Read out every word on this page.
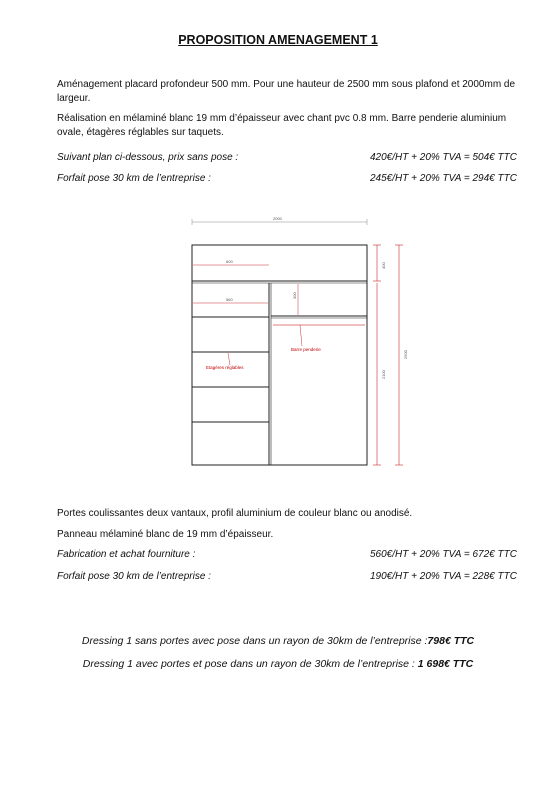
PROPOSITION AMENAGEMENT 1
Aménagement placard profondeur 500 mm. Pour une hauteur de 2500 mm sous plafond et 2000mm de largeur.
Réalisation en mélaminé blanc 19 mm d’épaisseur avec chant pvc 0.8 mm. Barre penderie aluminium ovale, étagères réglables sur taquets.
Suivant plan ci-dessous, prix sans pose :	420€/HT + 20% TVA = 504€ TTC
Forfait pose 30 km de l’entreprise :	245€/HT + 20% TVA = 294€ TTC
2000
600
560
300
Etagères réglables
Barre penderie
400
2100
2500
Portes coulissantes deux vantaux, profil aluminium de couleur blanc ou anodisé.
Panneau mélaminé blanc de 19 mm d’épaisseur.
Fabrication et achat fourniture :	560€/HT + 20% TVA = 672€ TTC
Forfait pose 30 km de l’entreprise :	190€/HT + 20% TVA = 228€ TTC
Dressing 1 sans portes avec pose dans un rayon de 30km de l’entreprise :798€ TTC
Dressing 1 avec portes et pose dans un rayon de 30km de l’entreprise : 1 698€ TTC
